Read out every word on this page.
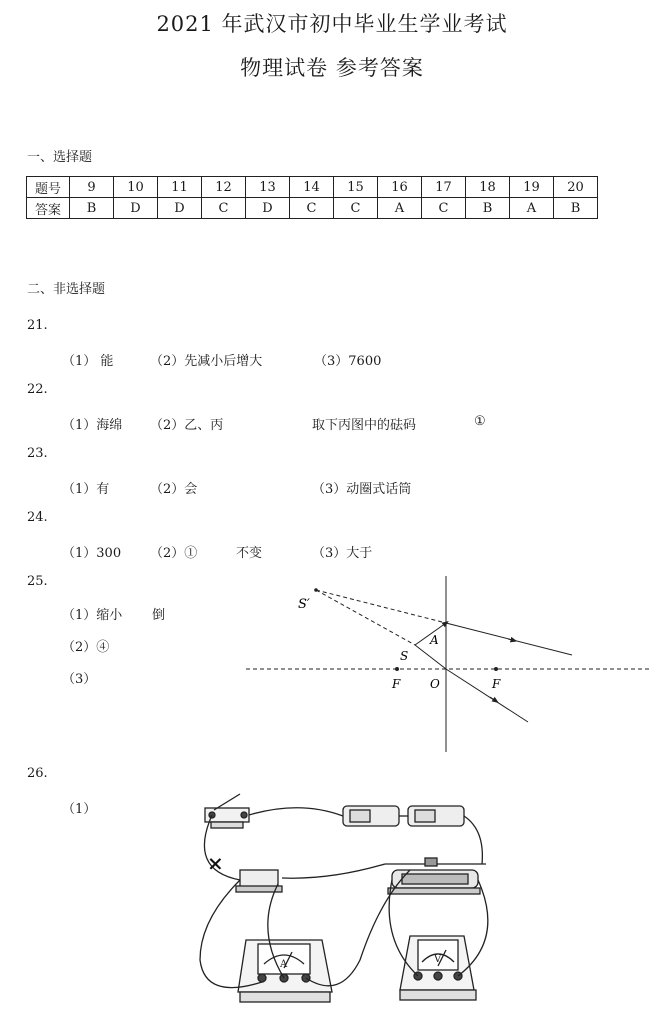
2021 年武汉市初中毕业生学业考试
物理试卷 参考答案
一、选择题
题号	9	10	11	12	13	14	15	16	17	18	19	20
答案	B	D	D	C	D	C	C	A	C	B	A	B
二、非选择题
21.
（1） 能	（2）先减小后增大	（3）7600
22.
（1）海绵 （2）乙、丙	取下丙图中的砝码	①
23.
（1）有	（2）会	（3）动圈式话筒
24.
（1）300 （2）①	不变	（3）大于
25.
（1）缩小 倒
（2）④
（3）
S′
S
A
F O	F
26.
（1）
×
A	V
